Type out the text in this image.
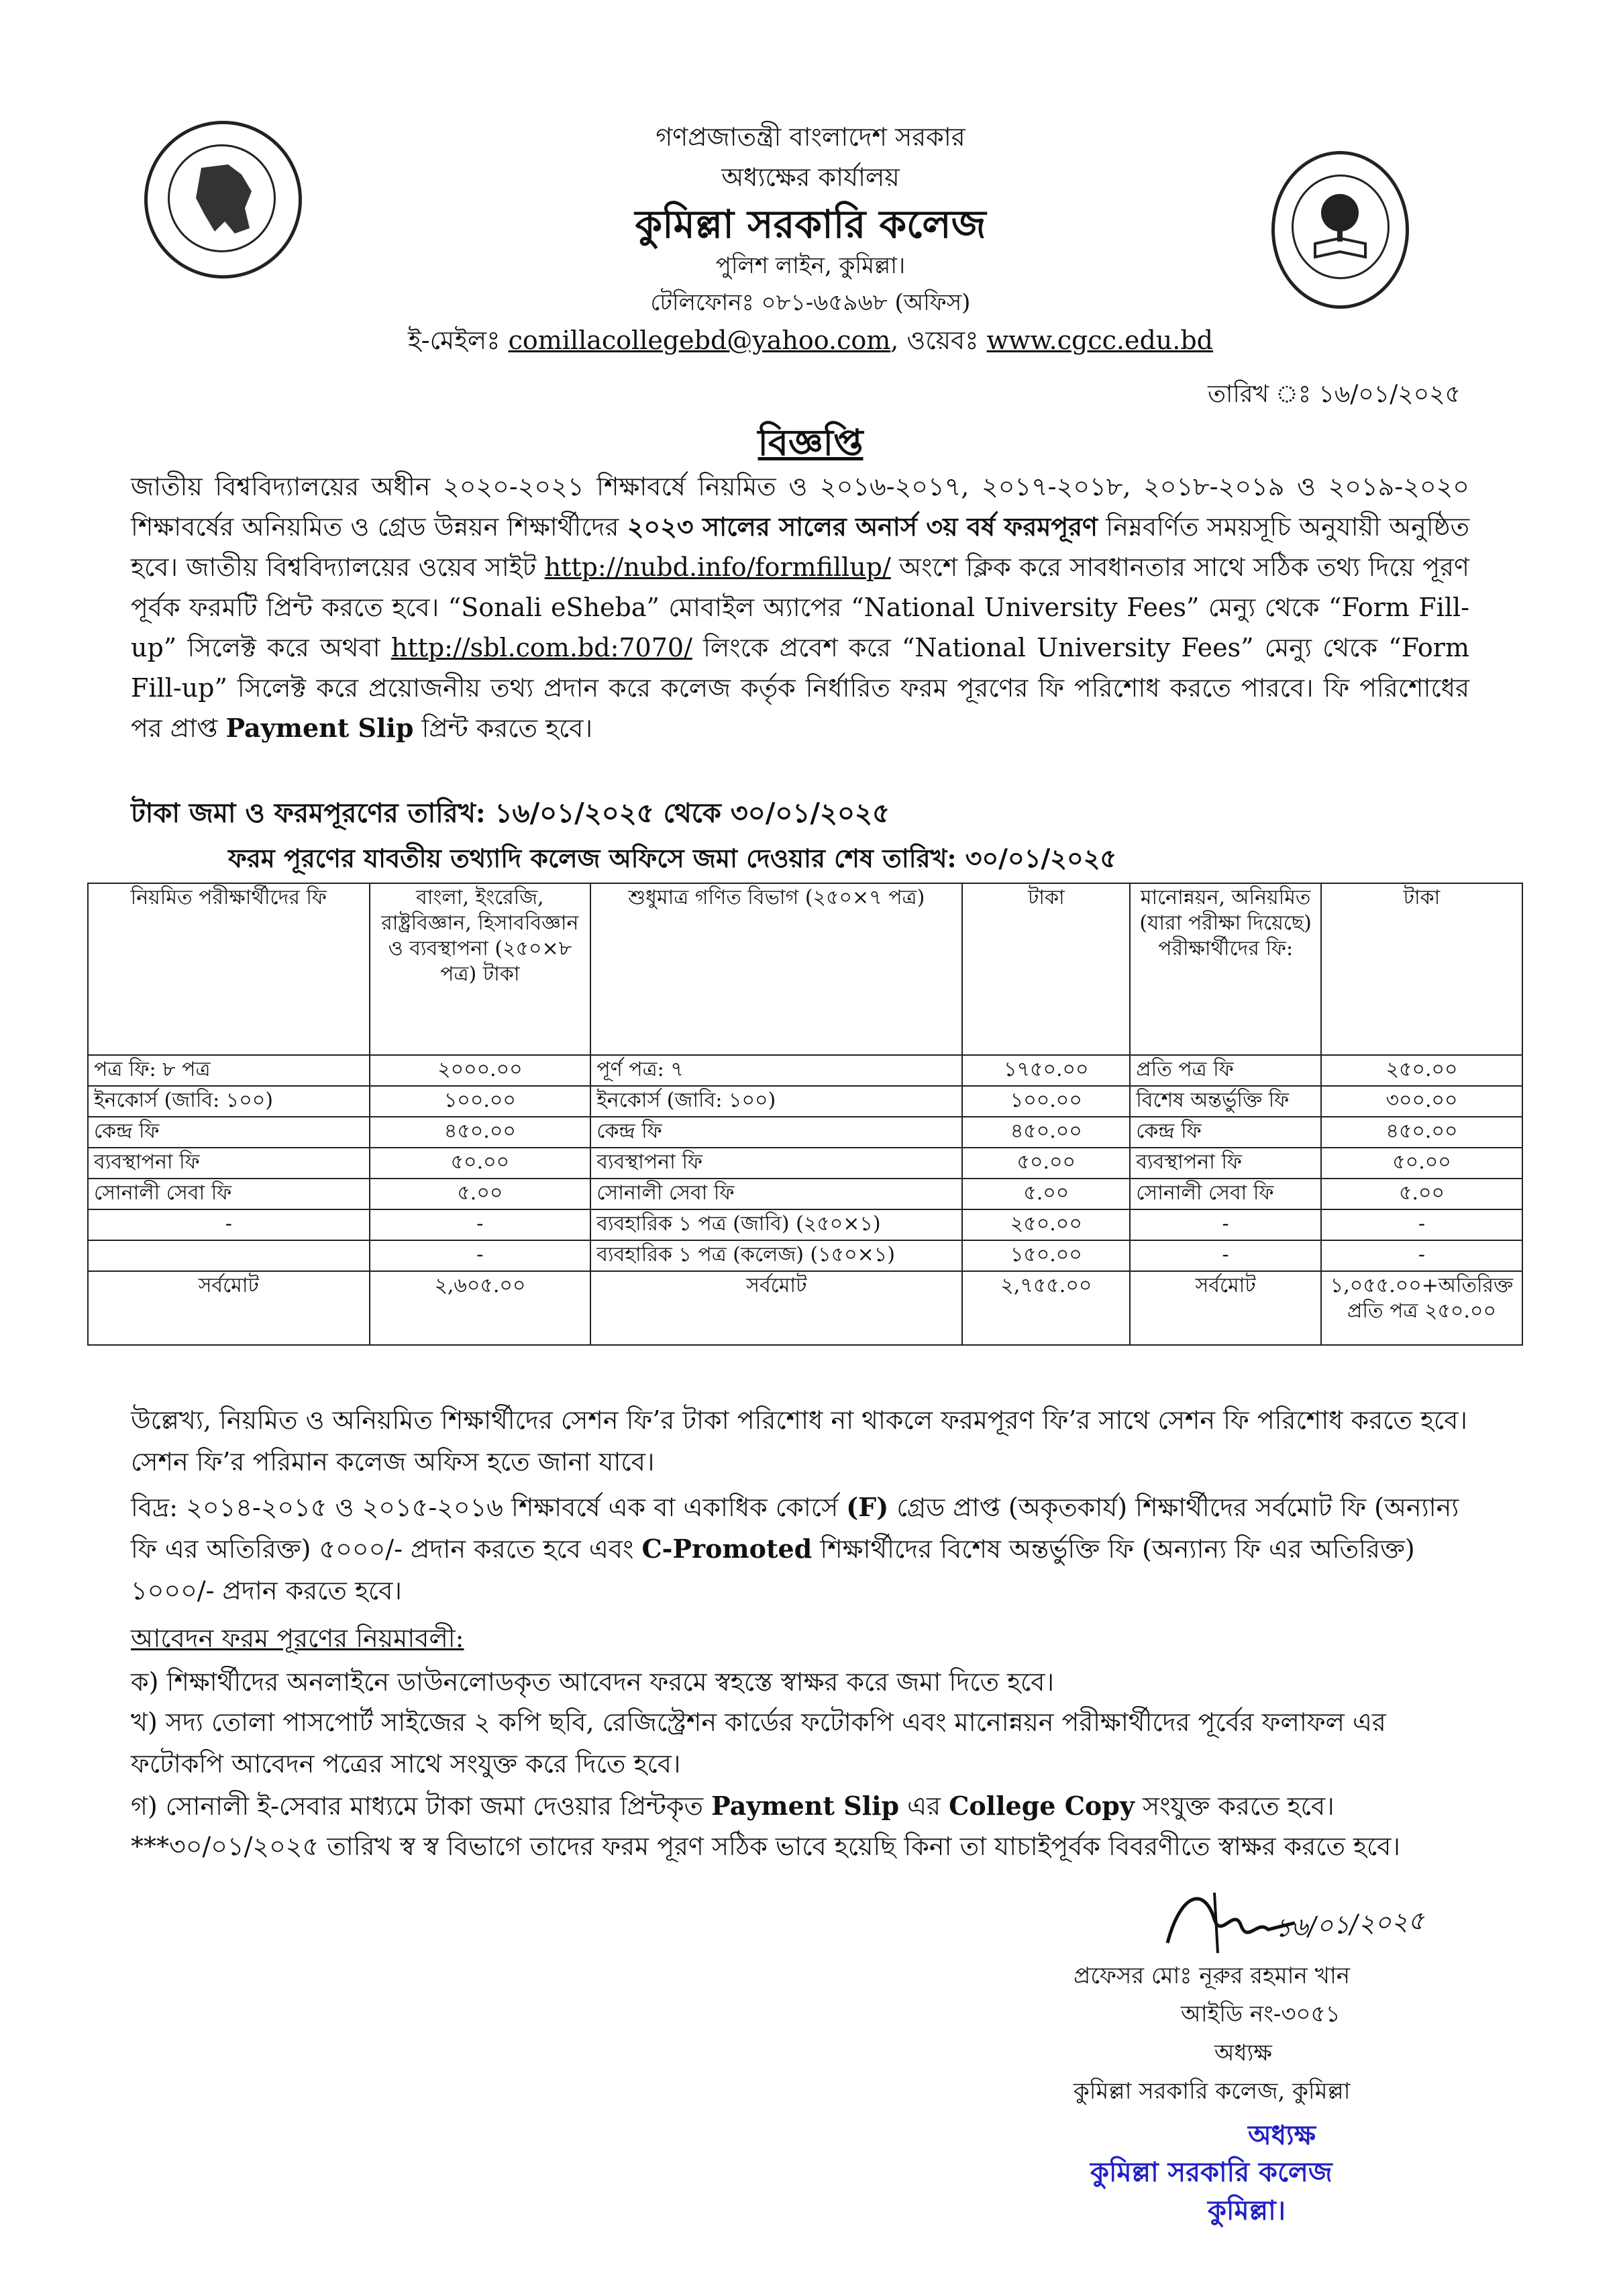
গণপ্রজাতন্ত্রী বাংলাদেশ সরকার
অধ্যক্ষের কার্যালয়
কুমিল্লা সরকারি কলেজ
পুলিশ লাইন, কুমিল্লা।
টেলিফোনঃ ০৮১-৬৫৯৬৮ (অফিস)
ই-মেইলঃ comillacollegebd@yahoo.com, ওয়েবঃ www.cgcc.edu.bd
তারিখ ঃ ১৬/০১/২০২৫
বিজ্ঞপ্তি
জাতীয় বিশ্ববিদ্যালয়ের অধীন ২০২০-২০২১ শিক্ষাবর্ষে নিয়মিত ও ২০১৬-২০১৭, ২০১৭-২০১৮, ২০১৮-২০১৯ ও ২০১৯-২০২০ শিক্ষাবর্ষের অনিয়মিত ও গ্রেড উন্নয়ন শিক্ষার্থীদের ২০২৩ সালের সালের অনার্স ৩য় বর্ষ ফরমপূরণ নিম্নবর্ণিত সময়সূচি অনুযায়ী অনুষ্ঠিত হবে। জাতীয় বিশ্ববিদ্যালয়ের ওয়েব সাইট http://nubd.info/formfillup/ অংশে ক্লিক করে সাবধানতার সাথে সঠিক তথ্য দিয়ে পূরণ পূর্বক ফরমটি প্রিন্ট করতে হবে। “Sonali eSheba” মোবাইল অ্যাপের “National University Fees” মেন্যু থেকে “Form Fill-up” সিলেক্ট করে অথবা http://sbl.com.bd:7070/ লিংকে প্রবেশ করে “National University Fees” মেন্যু থেকে “Form Fill-up” সিলেক্ট করে প্রয়োজনীয় তথ্য প্রদান করে কলেজ কর্তৃক নির্ধারিত ফরম পূরণের ফি পরিশোধ করতে পারবে। ফি পরিশোধের পর প্রাপ্ত Payment Slip প্রিন্ট করতে হবে।
টাকা জমা ও ফরমপূরণের তারিখ: ১৬/০১/২০২৫ থেকে ৩০/০১/২০২৫
ফরম পূরণের যাবতীয় তথ্যাদি কলেজ অফিসে জমা দেওয়ার শেষ তারিখ: ৩০/০১/২০২৫
নিয়মিত পরীক্ষার্থীদের ফি	বাংলা, ইংরেজি, রাষ্ট্রবিজ্ঞান, হিসাববিজ্ঞান ও ব্যবস্থাপনা (২৫০×৮ পত্র) টাকা	শুধুমাত্র গণিত বিভাগ (২৫০×৭ পত্র)	টাকা	মানোন্নয়ন, অনিয়মিত (যারা পরীক্ষা দিয়েছে) পরীক্ষার্থীদের ফি:	টাকা
পত্র ফি: ৮ পত্র	২০০০.০০	পূর্ণ পত্র: ৭	১৭৫০.০০	প্রতি পত্র ফি	২৫০.০০
ইনকোর্স (জাবি: ১০০)	১০০.০০	ইনকোর্স (জাবি: ১০০)	১০০.০০	বিশেষ অন্তর্ভুক্তি ফি	৩০০.০০
কেন্দ্র ফি	৪৫০.০০	কেন্দ্র ফি	৪৫০.০০	কেন্দ্র ফি	৪৫০.০০
ব্যবস্থাপনা ফি	৫০.০০	ব্যবস্থাপনা ফি	৫০.০০	ব্যবস্থাপনা ফি	৫০.০০
সোনালী সেবা ফি	৫.০০	সোনালী সেবা ফি	৫.০০	সোনালী সেবা ফি	৫.০০
-	-	ব্যবহারিক ১ পত্র (জাবি) (২৫০×১)	২৫০.০০	-	-
	-	ব্যবহারিক ১ পত্র (কলেজ) (১৫০×১)	১৫০.০০	-	-
সর্বমোট	২,৬০৫.০০	সর্বমোট	২,৭৫৫.০০	সর্বমোট	১,০৫৫.০০+অতিরিক্ত প্রতি পত্র ২৫০.০০
উল্লেখ্য, নিয়মিত ও অনিয়মিত শিক্ষার্থীদের সেশন ফি’র টাকা পরিশোধ না থাকলে ফরমপূরণ ফি’র সাথে সেশন ফি পরিশোধ করতে হবে। সেশন ফি’র পরিমান কলেজ অফিস হতে জানা যাবে।
বিদ্র: ২০১৪-২০১৫ ও ২০১৫-২০১৬ শিক্ষাবর্ষে এক বা একাধিক কোর্সে (F) গ্রেড প্রাপ্ত (অকৃতকার্য) শিক্ষার্থীদের সর্বমোট ফি (অন্যান্য ফি এর অতিরিক্ত) ৫০০০/- প্রদান করতে হবে এবং C-Promoted শিক্ষার্থীদের বিশেষ অন্তর্ভুক্তি ফি (অন্যান্য ফি এর অতিরিক্ত) ১০০০/- প্রদান করতে হবে।
আবেদন ফরম পূরণের নিয়মাবলী:
ক) শিক্ষার্থীদের অনলাইনে ডাউনলোডকৃত আবেদন ফরমে স্বহস্তে স্বাক্ষর করে জমা দিতে হবে।
খ) সদ্য তোলা পাসপোর্ট সাইজের ২ কপি ছবি, রেজিস্ট্রেশন কার্ডের ফটোকপি এবং মানোন্নয়ন পরীক্ষার্থীদের পূর্বের ফলাফল এর ফটোকপি আবেদন পত্রের সাথে সংযুক্ত করে দিতে হবে।
গ) সোনালী ই-সেবার মাধ্যমে টাকা জমা দেওয়ার প্রিন্টকৃত Payment Slip এর College Copy সংযুক্ত করতে হবে।
***৩০/০১/২০২৫ তারিখ স্ব স্ব বিভাগে তাদের ফরম পূরণ সঠিক ভাবে হয়েছি কিনা তা যাচাইপূর্বক বিবরণীতে স্বাক্ষর করতে হবে।
১৬/০১/২০২৫
প্রফেসর মোঃ নূরুর রহমান খান
আইডি নং-৩০৫১
অধ্যক্ষ
কুমিল্লা সরকারি কলেজ, কুমিল্লা
অধ্যক্ষ
কুমিল্লা সরকারি কলেজ
কুমিল্লা।
